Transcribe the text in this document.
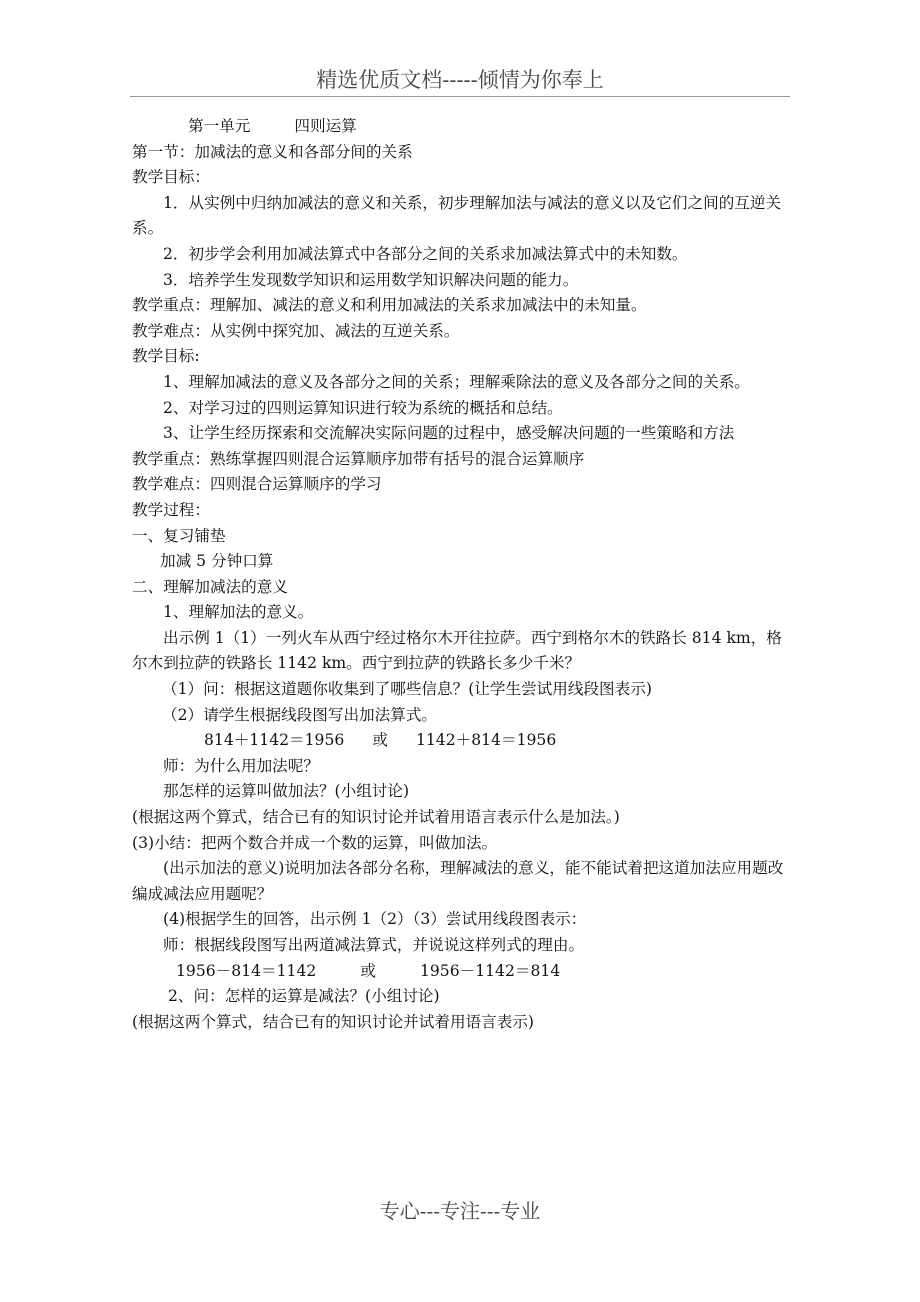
精选优质文档-----倾情为你奉上
第一单元	四则运算
第一节：加减法的意义和各部分间的关系
教学目标：
1．从实例中归纳加减法的意义和关系，初步理解加法与减法的意义以及它们之间的互逆关系。
2．初步学会利用加减法算式中各部分之间的关系求加减法算式中的未知数。
3．培养学生发现数学知识和运用数学知识解决问题的能力。
教学重点：理解加、减法的意义和利用加减法的关系求加减法中的未知量。
教学难点：从实例中探究加、减法的互逆关系。
教学目标:
1、理解加减法的意义及各部分之间的关系；理解乘除法的意义及各部分之间的关系。
2、对学习过的四则运算知识进行较为系统的概括和总结。
3、让学生经历探索和交流解决实际问题的过程中，感受解决问题的一些策略和方法
教学重点：熟练掌握四则混合运算顺序加带有括号的混合运算顺序
教学难点：四则混合运算顺序的学习
教学过程：
一、复习铺垫
加减 5 分钟口算
二、理解加减法的意义
1、理解加法的意义。
出示例 1（1）一列火车从西宁经过格尔木开往拉萨。西宁到格尔木的铁路长 814 km，格尔木到拉萨的铁路长 1142 km。西宁到拉萨的铁路长多少千米？
（1）问：根据这道题你收集到了哪些信息？(让学生尝试用线段图表示)
（2）请学生根据线段图写出加法算式。
814＋1142＝1956 或 1142＋814＝1956
师：为什么用加法呢？
那怎样的运算叫做加法？(小组讨论)
(根据这两个算式，结合已有的知识讨论并试着用语言表示什么是加法。)
(3)小结：把两个数合并成一个数的运算，叫做加法。
(出示加法的意义)说明加法各部分名称，理解减法的意义，能不能试着把这道加法应用题改编成减法应用题呢？
(4)根据学生的回答，出示例 1（2）（3）尝试用线段图表示：
师：根据线段图写出两道减法算式，并说说这样列式的理由。
1956－814＝1142	或	1956－1142＝814
2、问：怎样的运算是减法？(小组讨论)
(根据这两个算式，结合已有的知识讨论并试着用语言表示)
专心---专注---专业
